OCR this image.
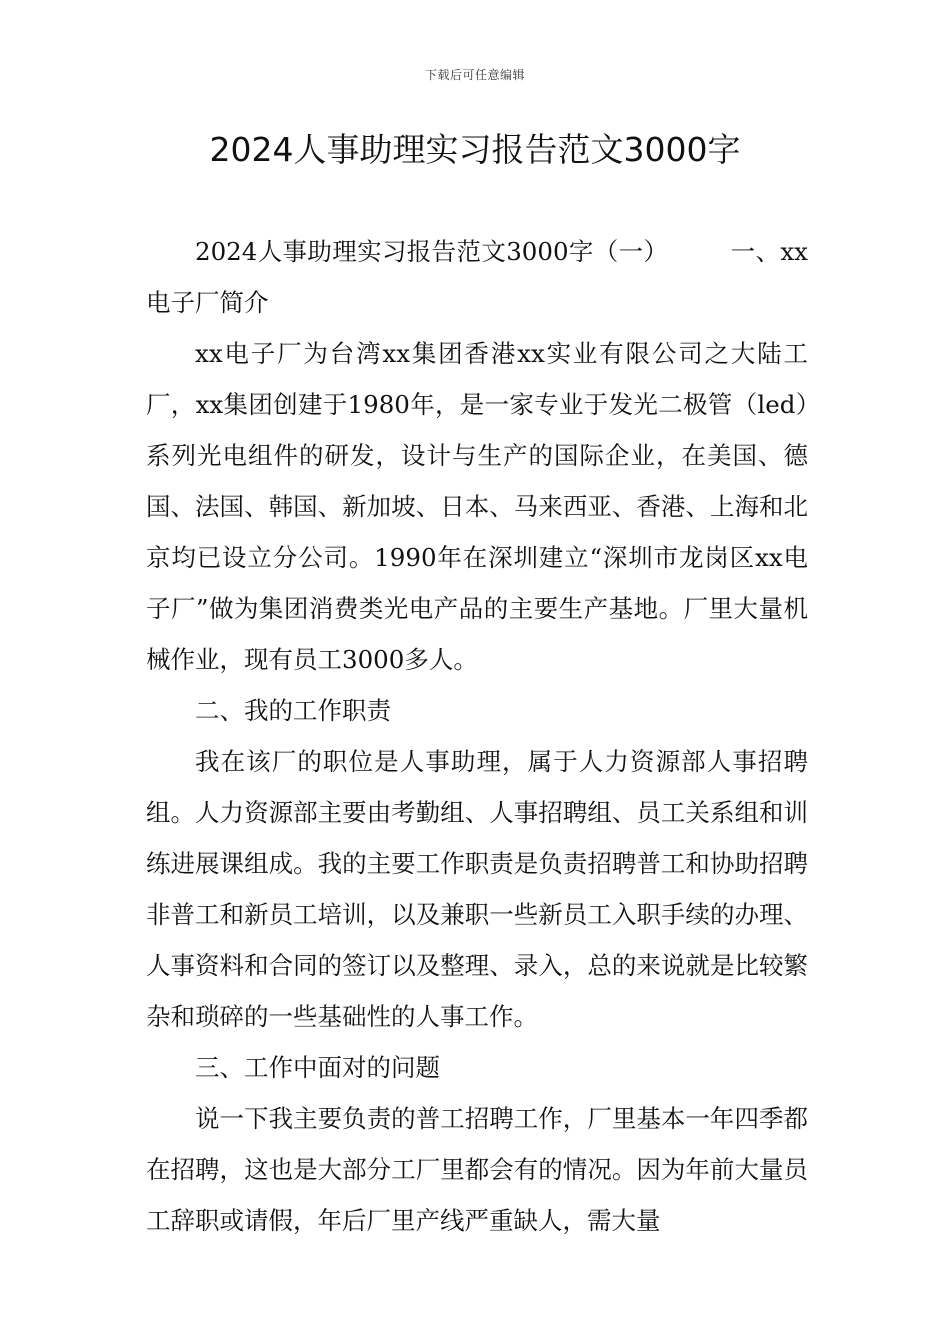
下载后可任意编辑
2024人事助理实习报告范文3000字

2024人事助理实习报告范文3000字（一）	一、xx电子厂简介

xx电子厂为台湾xx集团香港xx实业有限公司之大陆工厂，xx集团创建于1980年，是一家专业于发光二极管（led）系列光电组件的研发，设计与生产的国际企业，在美国、德国、法国、韩国、新加坡、日本、马来西亚、香港、上海和北京均已设立分公司。1990年在深圳建立“深圳市龙岗区xx电子厂”做为集团消费类光电产品的主要生产基地。厂里大量机械作业，现有员工3000多人。

二、我的工作职责

我在该厂的职位是人事助理，属于人力资源部人事招聘组。人力资源部主要由考勤组、人事招聘组、员工关系组和训练进展课组成。我的主要工作职责是负责招聘普工和协助招聘非普工和新员工培训，以及兼职一些新员工入职手续的办理、人事资料和合同的签订以及整理、录入，总的来说就是比较繁杂和琐碎的一些基础性的人事工作。

三、工作中面对的问题

说一下我主要负责的普工招聘工作，厂里基本一年四季都在招聘，这也是大部分工厂里都会有的情况。因为年前大量员工辞职或请假，年后厂里产线严重缺人，需大量
